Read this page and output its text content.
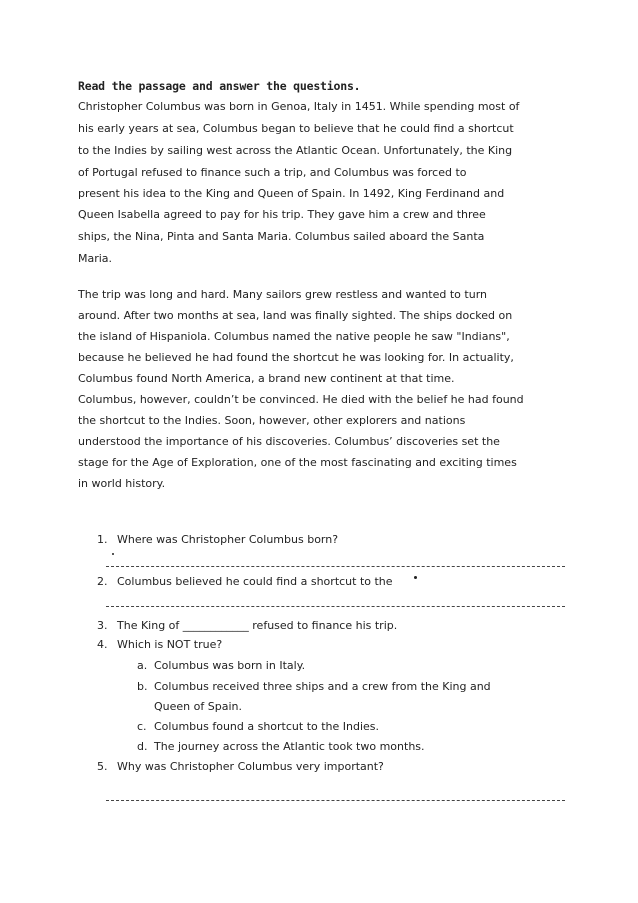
Read the passage and answer the questions.
Christopher Columbus was born in Genoa, Italy in 1451. While spending most of
his early years at sea, Columbus began to believe that he could find a shortcut
to the Indies by sailing west across the Atlantic Ocean. Unfortunately, the King
of Portugal refused to finance such a trip, and Columbus was forced to
present his idea to the King and Queen of Spain. In 1492, King Ferdinand and
Queen Isabella agreed to pay for his trip. They gave him a crew and three
ships, the Nina, Pinta and Santa Maria. Columbus sailed aboard the Santa
Maria.
The trip was long and hard. Many sailors grew restless and wanted to turn
around. After two months at sea, land was finally sighted. The ships docked on
the island of Hispaniola. Columbus named the native people he saw "Indians",
because he believed he had found the shortcut he was looking for. In actuality,
Columbus found North America, a brand new continent at that time.
Columbus, however, couldn’t be convinced. He died with the belief he had found
the shortcut to the Indies. Soon, however, other explorers and nations
understood the importance of his discoveries. Columbus’ discoveries set the
stage for the Age of Exploration, one of the most fascinating and exciting times
in world history.
1. Where was Christopher Columbus born?
2. Columbus believed he could find a shortcut to the
3. The King of ____________ refused to finance his trip.
4. Which is NOT true?
a. Columbus was born in Italy.
b. Columbus received three ships and a crew from the King and
Queen of Spain.
c. Columbus found a shortcut to the Indies.
d. The journey across the Atlantic took two months.
5. Why was Christopher Columbus very important?
